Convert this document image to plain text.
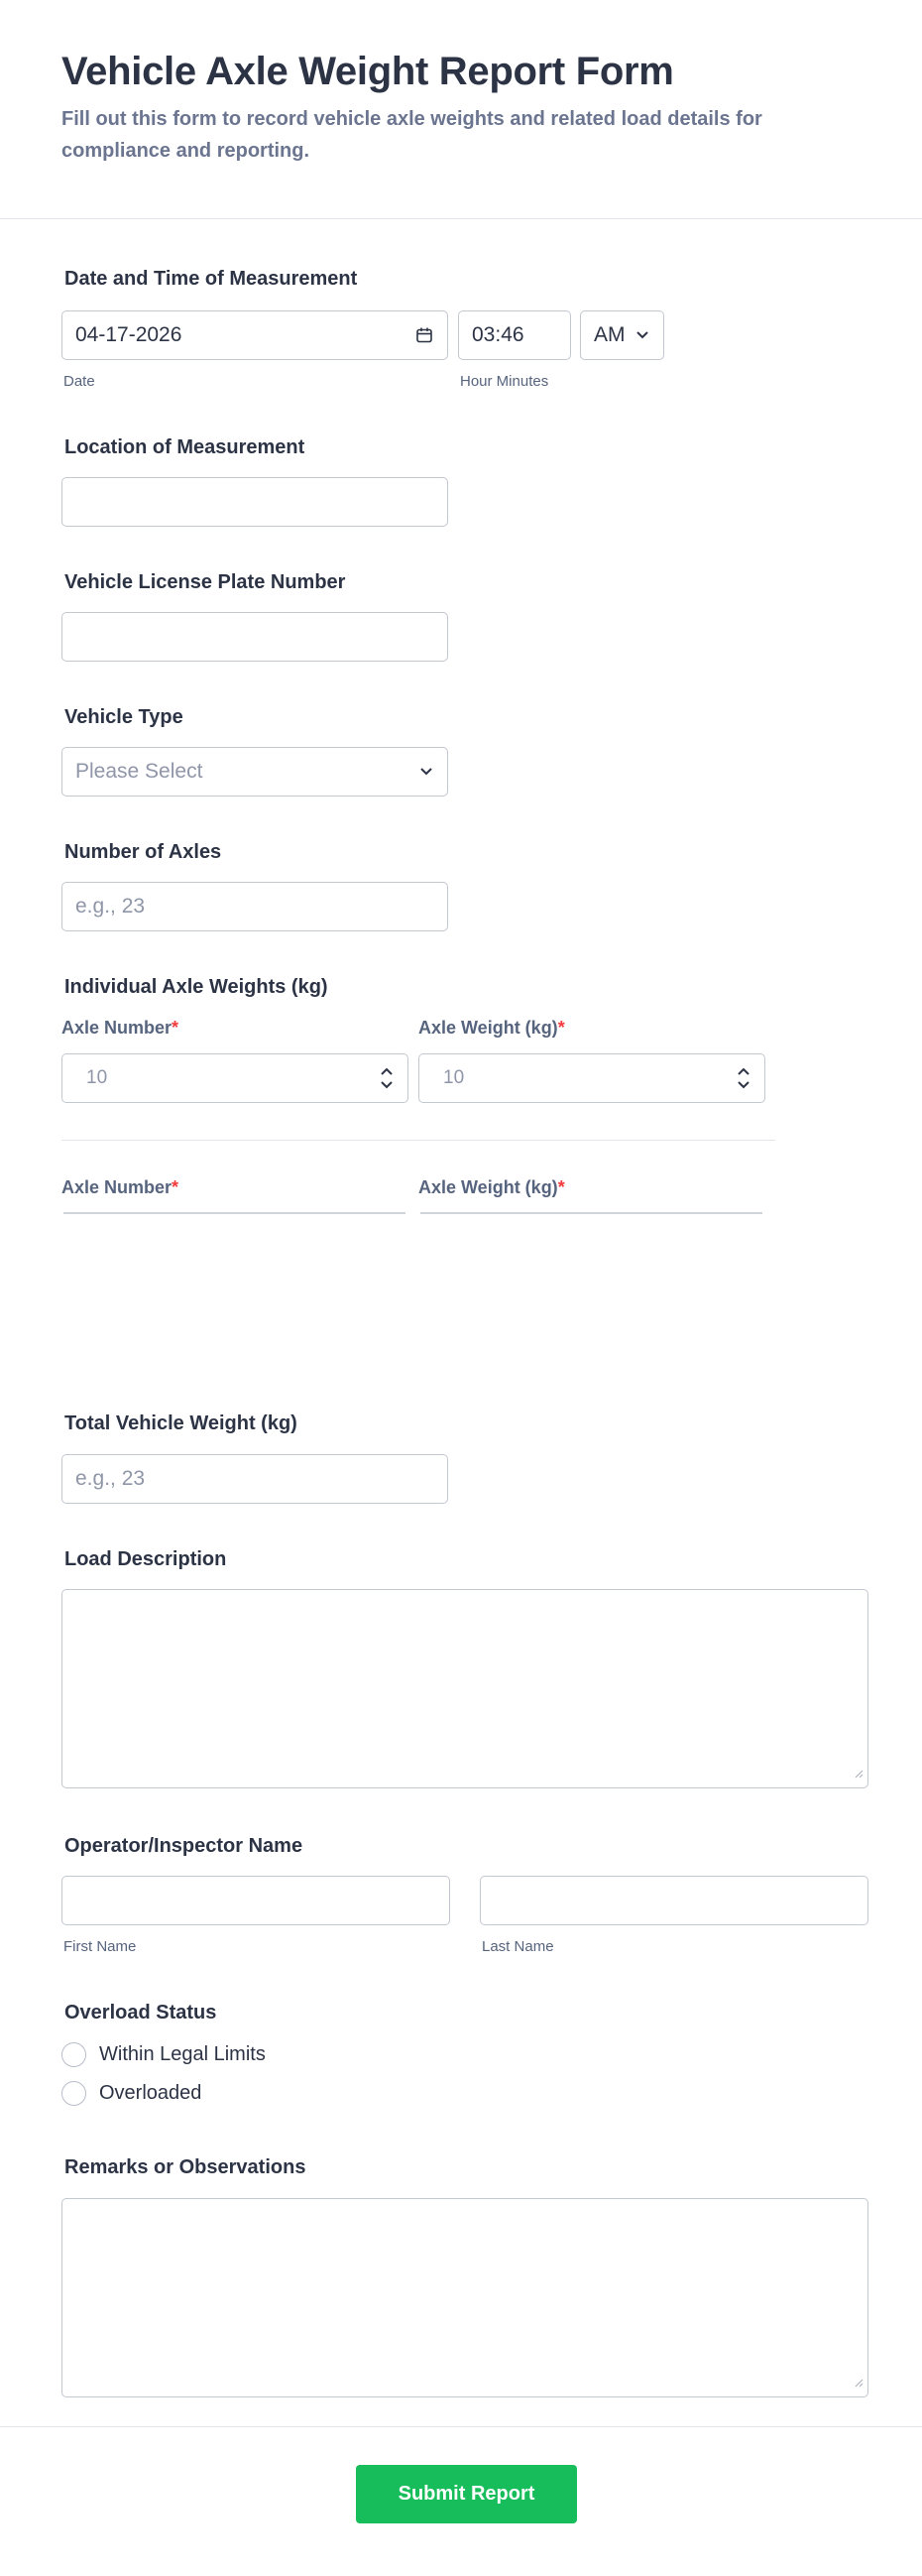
Vehicle Axle Weight Report Form

Fill out this form to record vehicle axle weights and related load details for compliance and reporting.

Date and Time of Measurement
04-17-2026
Date
03:46	AM
Hour Minutes
Location of Measurement
Vehicle License Plate Number
Vehicle Type
Please Select
Number of Axles
e.g., 23
Individual Axle Weights (kg)
Axle Number*	Axle Weight (kg)*
10	10
Axle Number*	Axle Weight (kg)*
Total Vehicle Weight (kg)
e.g., 23
Load Description
Operator/Inspector Name
First Name	Last Name
Overload Status
Within Legal Limits
Overloaded
Remarks or Observations
Submit Report
